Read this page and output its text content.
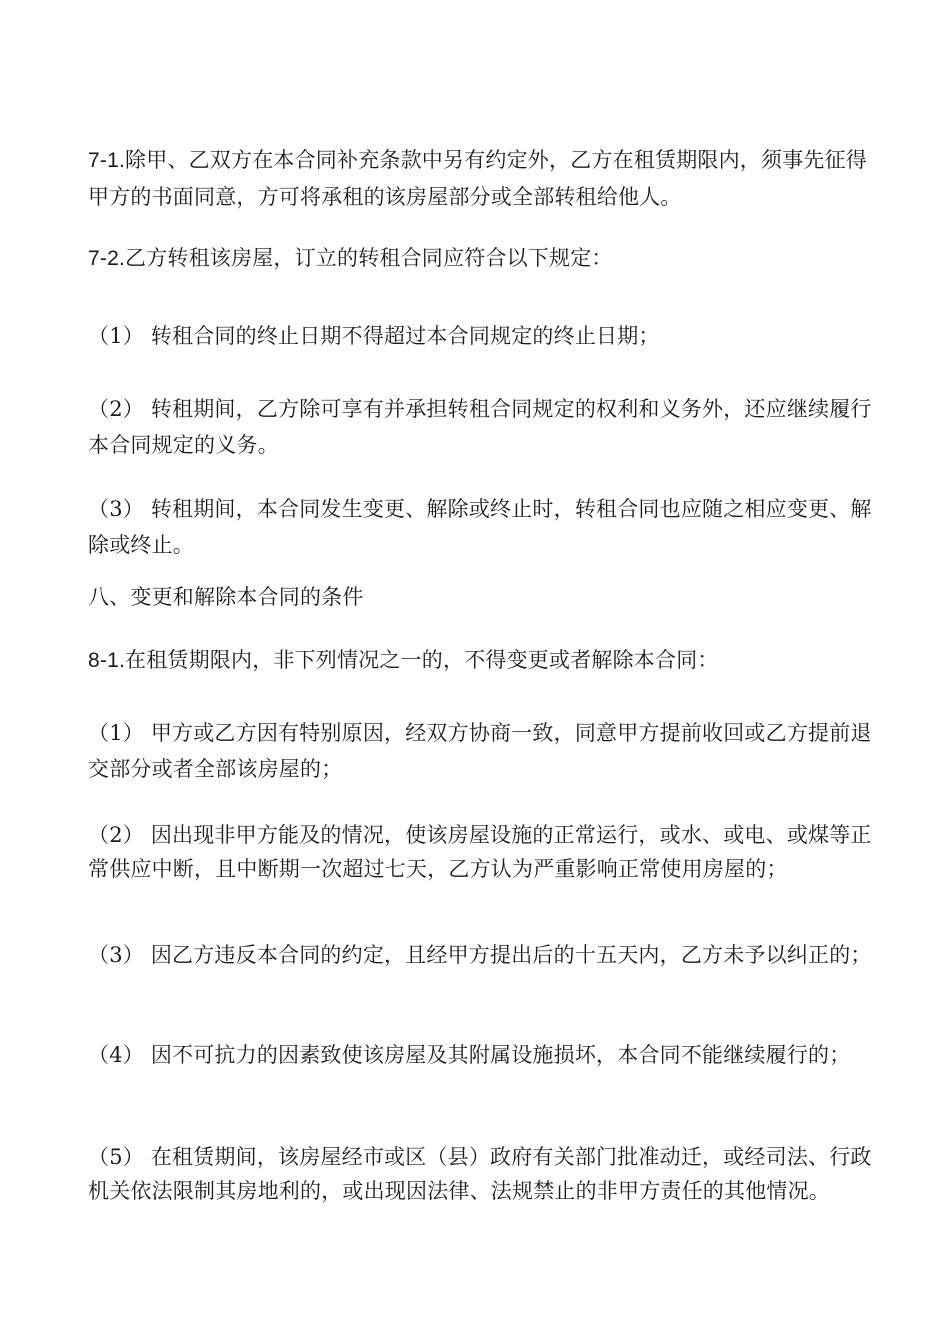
7-1.除甲、乙双方在本合同补充条款中另有约定外，乙方在租赁期限内，须事先征得甲方的书面同意，方可将承租的该房屋部分或全部转租给他人。

7-2.乙方转租该房屋，订立的转租合同应符合以下规定：

（1） 转租合同的终止日期不得超过本合同规定的终止日期；

（2） 转租期间，乙方除可享有并承担转租合同规定的权利和义务外，还应继续履行本合同规定的义务。

（3） 转租期间，本合同发生变更、解除或终止时，转租合同也应随之相应变更、解除或终止。

八、变更和解除本合同的条件

8-1.在租赁期限内，非下列情况之一的，不得变更或者解除本合同：

（1） 甲方或乙方因有特别原因，经双方协商一致，同意甲方提前收回或乙方提前退交部分或者全部该房屋的；

（2） 因出现非甲方能及的情况，使该房屋设施的正常运行，或水、或电、或煤等正常供应中断，且中断期一次超过七天，乙方认为严重影响正常使用房屋的；

（3） 因乙方违反本合同的约定，且经甲方提出后的十五天内，乙方未予以纠正的；

（4） 因不可抗力的因素致使该房屋及其附属设施损坏，本合同不能继续履行的；

（5） 在租赁期间，该房屋经市或区（县）政府有关部门批准动迁，或经司法、行政机关依法限制其房地利的，或出现因法律、法规禁止的非甲方责任的其他情况。
